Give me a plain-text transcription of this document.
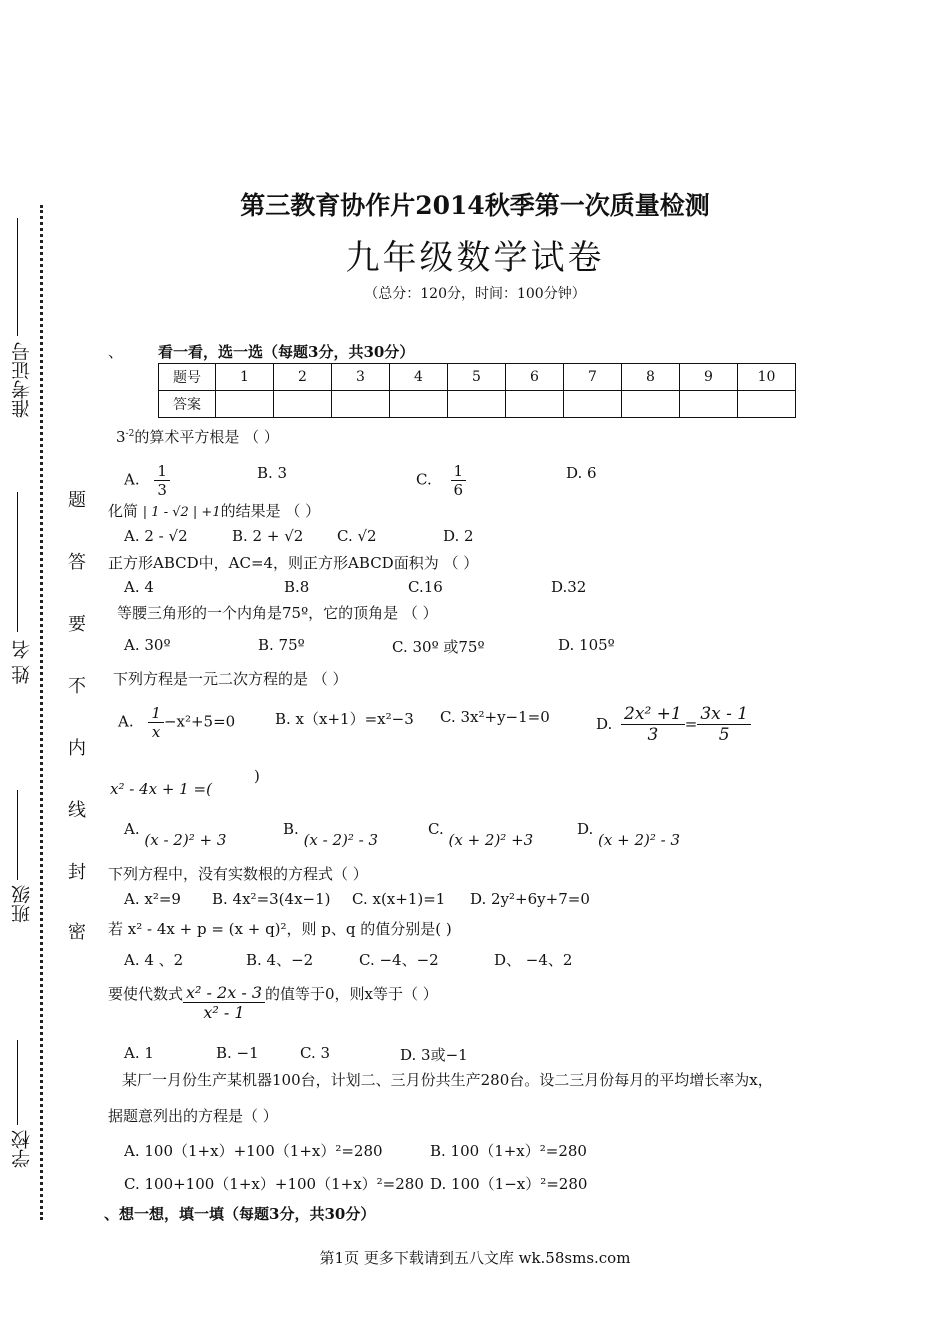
准考证号
姓 名
班级
学校
题
答
要
不
内
线
封
密
第三教育协作片2014秋季第一次质量检测
九年级数学试卷
（总分：120分，时间：100分钟）
、 看一看，选一选（每题3分，共30分）
题号	1	2	3	4	5	6	7	8	9	10
答案										
$3^{-2}$的算术平方根是 （ ）
A. $\frac{1}{3}$	B. 3	C. $\frac{1}{6}$	D. 6
化简 | 1 - √2 | +1的结果是 （ ）
A. 2 - √2	B. 2 + √2 C. √2	D. 2
正方形ABCD中，AC=4，则正方形ABCD面积为 （ ）
A. 4	B.8	C.16	D.32
等腰三角形的一个内角是75º，它的顶角是 （ ）
A. 30º	B. 75º	C. 30º 或75º	D. 105º
下列方程是一元二次方程的是 （ ）
A. $\frac{1}{x} -x^2+5=0$	B. x（x+1）=x²−3 C. 3x²+y−1=0	D. $\frac{\text{2x² +1}}{3} = \frac{3x - 1}{5}$
x² - 4x + 1 =(
)
A. (x - 2)² + 3
B. (x - 2)² - 3
C. (x + 2)² +3
D. (x + 2)² - 3
下列方程中，没有实数根的方程式（ ）
A. x²=9 B. 4x²=3(4x−1) C. x(x+1)=1 D. 2y²+6y+7=0
若 x² - 4x + p = (x + q)²，则 p、q 的值分别是( )
A. 4 、2	B. 4、−2	C. −4、−2	D、 −4、2
要使代数式 $\frac{\text{x² - 2x - 3}}{\text{x² - 1}}$ 的值等于0，则x等于（ ）
A. 1	B. −1	C. 3	D. 3或−1
某厂一月份生产某机器100台，计划二、三月份共生产280台。设二三月份每月的平均增长率为x，
据题意列出的方程是（ ）
A. 100（1+x）+100（1+x）²=280	B. 100（1+x）²=280
C. 100+100（1+x）+100（1+x）²=280 D. 100（1−x）²=280
、想一想，填一填（每题3分，共30分）
第1页 更多下载请到五八文库 wk.58sms.com
